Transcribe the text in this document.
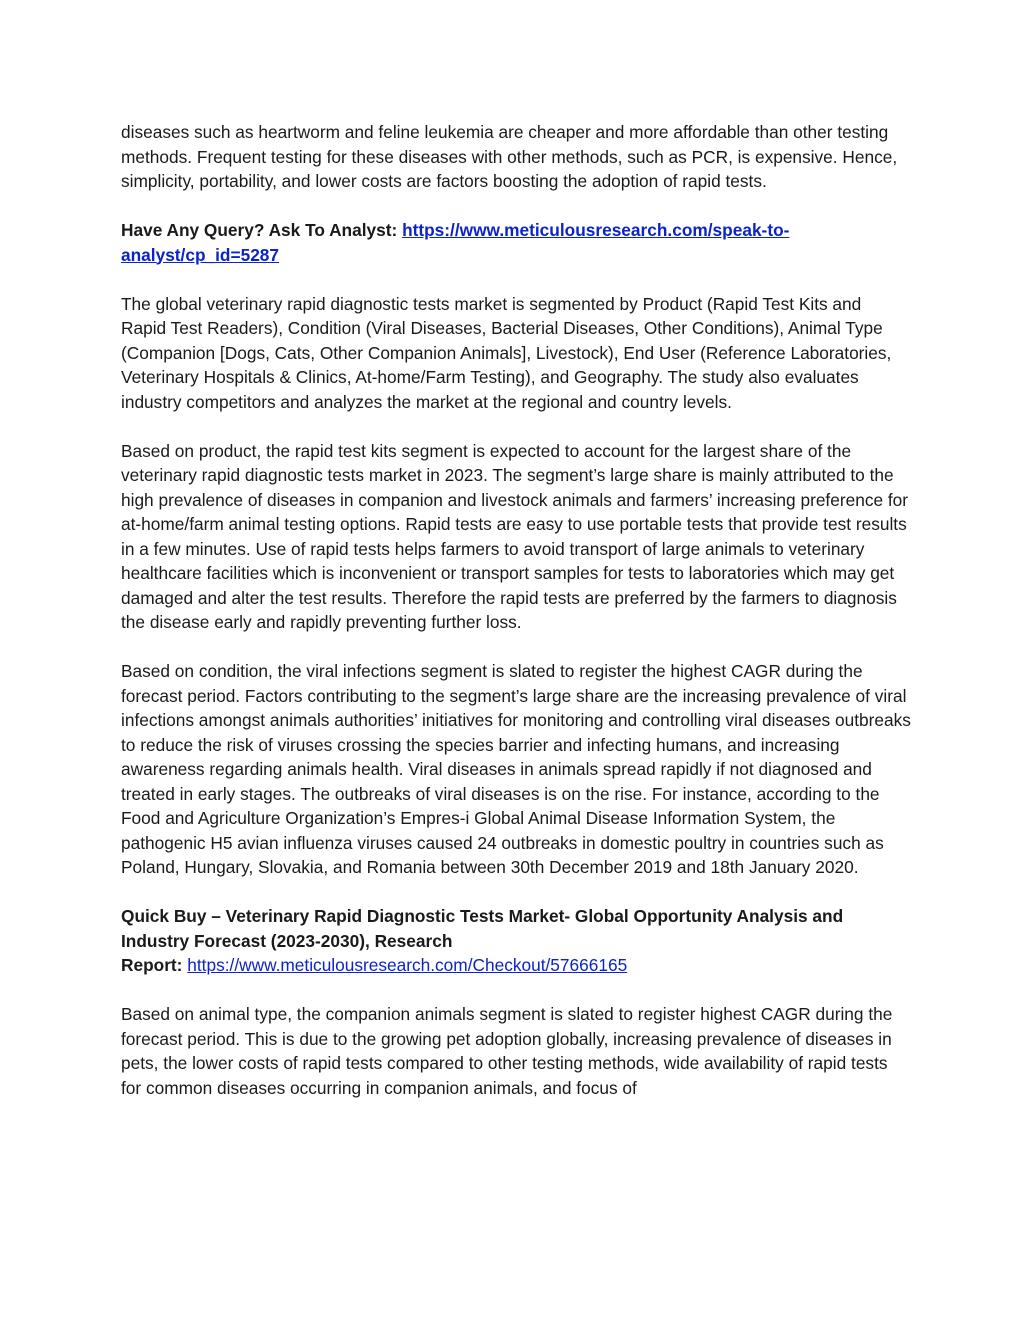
diseases such as heartworm and feline leukemia are cheaper and more affordable than other testing methods. Frequent testing for these diseases with other methods, such as PCR, is expensive. Hence, simplicity, portability, and lower costs are factors boosting the adoption of rapid tests.

Have Any Query? Ask To Analyst: https://www.meticulousresearch.com/speak-to-analyst/cp_id=5287

The global veterinary rapid diagnostic tests market is segmented by Product (Rapid Test Kits and Rapid Test Readers), Condition (Viral Diseases, Bacterial Diseases, Other Conditions), Animal Type (Companion [Dogs, Cats, Other Companion Animals], Livestock), End User (Reference Laboratories, Veterinary Hospitals & Clinics, At-home/Farm Testing), and Geography. The study also evaluates industry competitors and analyzes the market at the regional and country levels.

Based on product, the rapid test kits segment is expected to account for the largest share of the veterinary rapid diagnostic tests market in 2023. The segment’s large share is mainly attributed to the high prevalence of diseases in companion and livestock animals and farmers’ increasing preference for at-home/farm animal testing options. Rapid tests are easy to use portable tests that provide test results in a few minutes. Use of rapid tests helps farmers to avoid transport of large animals to veterinary healthcare facilities which is inconvenient or transport samples for tests to laboratories which may get damaged and alter the test results. Therefore the rapid tests are preferred by the farmers to diagnosis the disease early and rapidly preventing further loss.

Based on condition, the viral infections segment is slated to register the highest CAGR during the forecast period. Factors contributing to the segment’s large share are the increasing prevalence of viral infections amongst animals authorities’ initiatives for monitoring and controlling viral diseases outbreaks to reduce the risk of viruses crossing the species barrier and infecting humans, and increasing awareness regarding animals health. Viral diseases in animals spread rapidly if not diagnosed and treated in early stages. The outbreaks of viral diseases is on the rise. For instance, according to the Food and Agriculture Organization’s Empres-i Global Animal Disease Information System, the pathogenic H5 avian influenza viruses caused 24 outbreaks in domestic poultry in countries such as Poland, Hungary, Slovakia, and Romania between 30th December 2019 and 18th January 2020.

Quick Buy – Veterinary Rapid Diagnostic Tests Market- Global Opportunity Analysis and Industry Forecast (2023-2030), Research
Report: https://www.meticulousresearch.com/Checkout/57666165

Based on animal type, the companion animals segment is slated to register highest CAGR during the forecast period. This is due to the growing pet adoption globally, increasing prevalence of diseases in pets, the lower costs of rapid tests compared to other testing methods, wide availability of rapid tests for common diseases occurring in companion animals, and focus of
